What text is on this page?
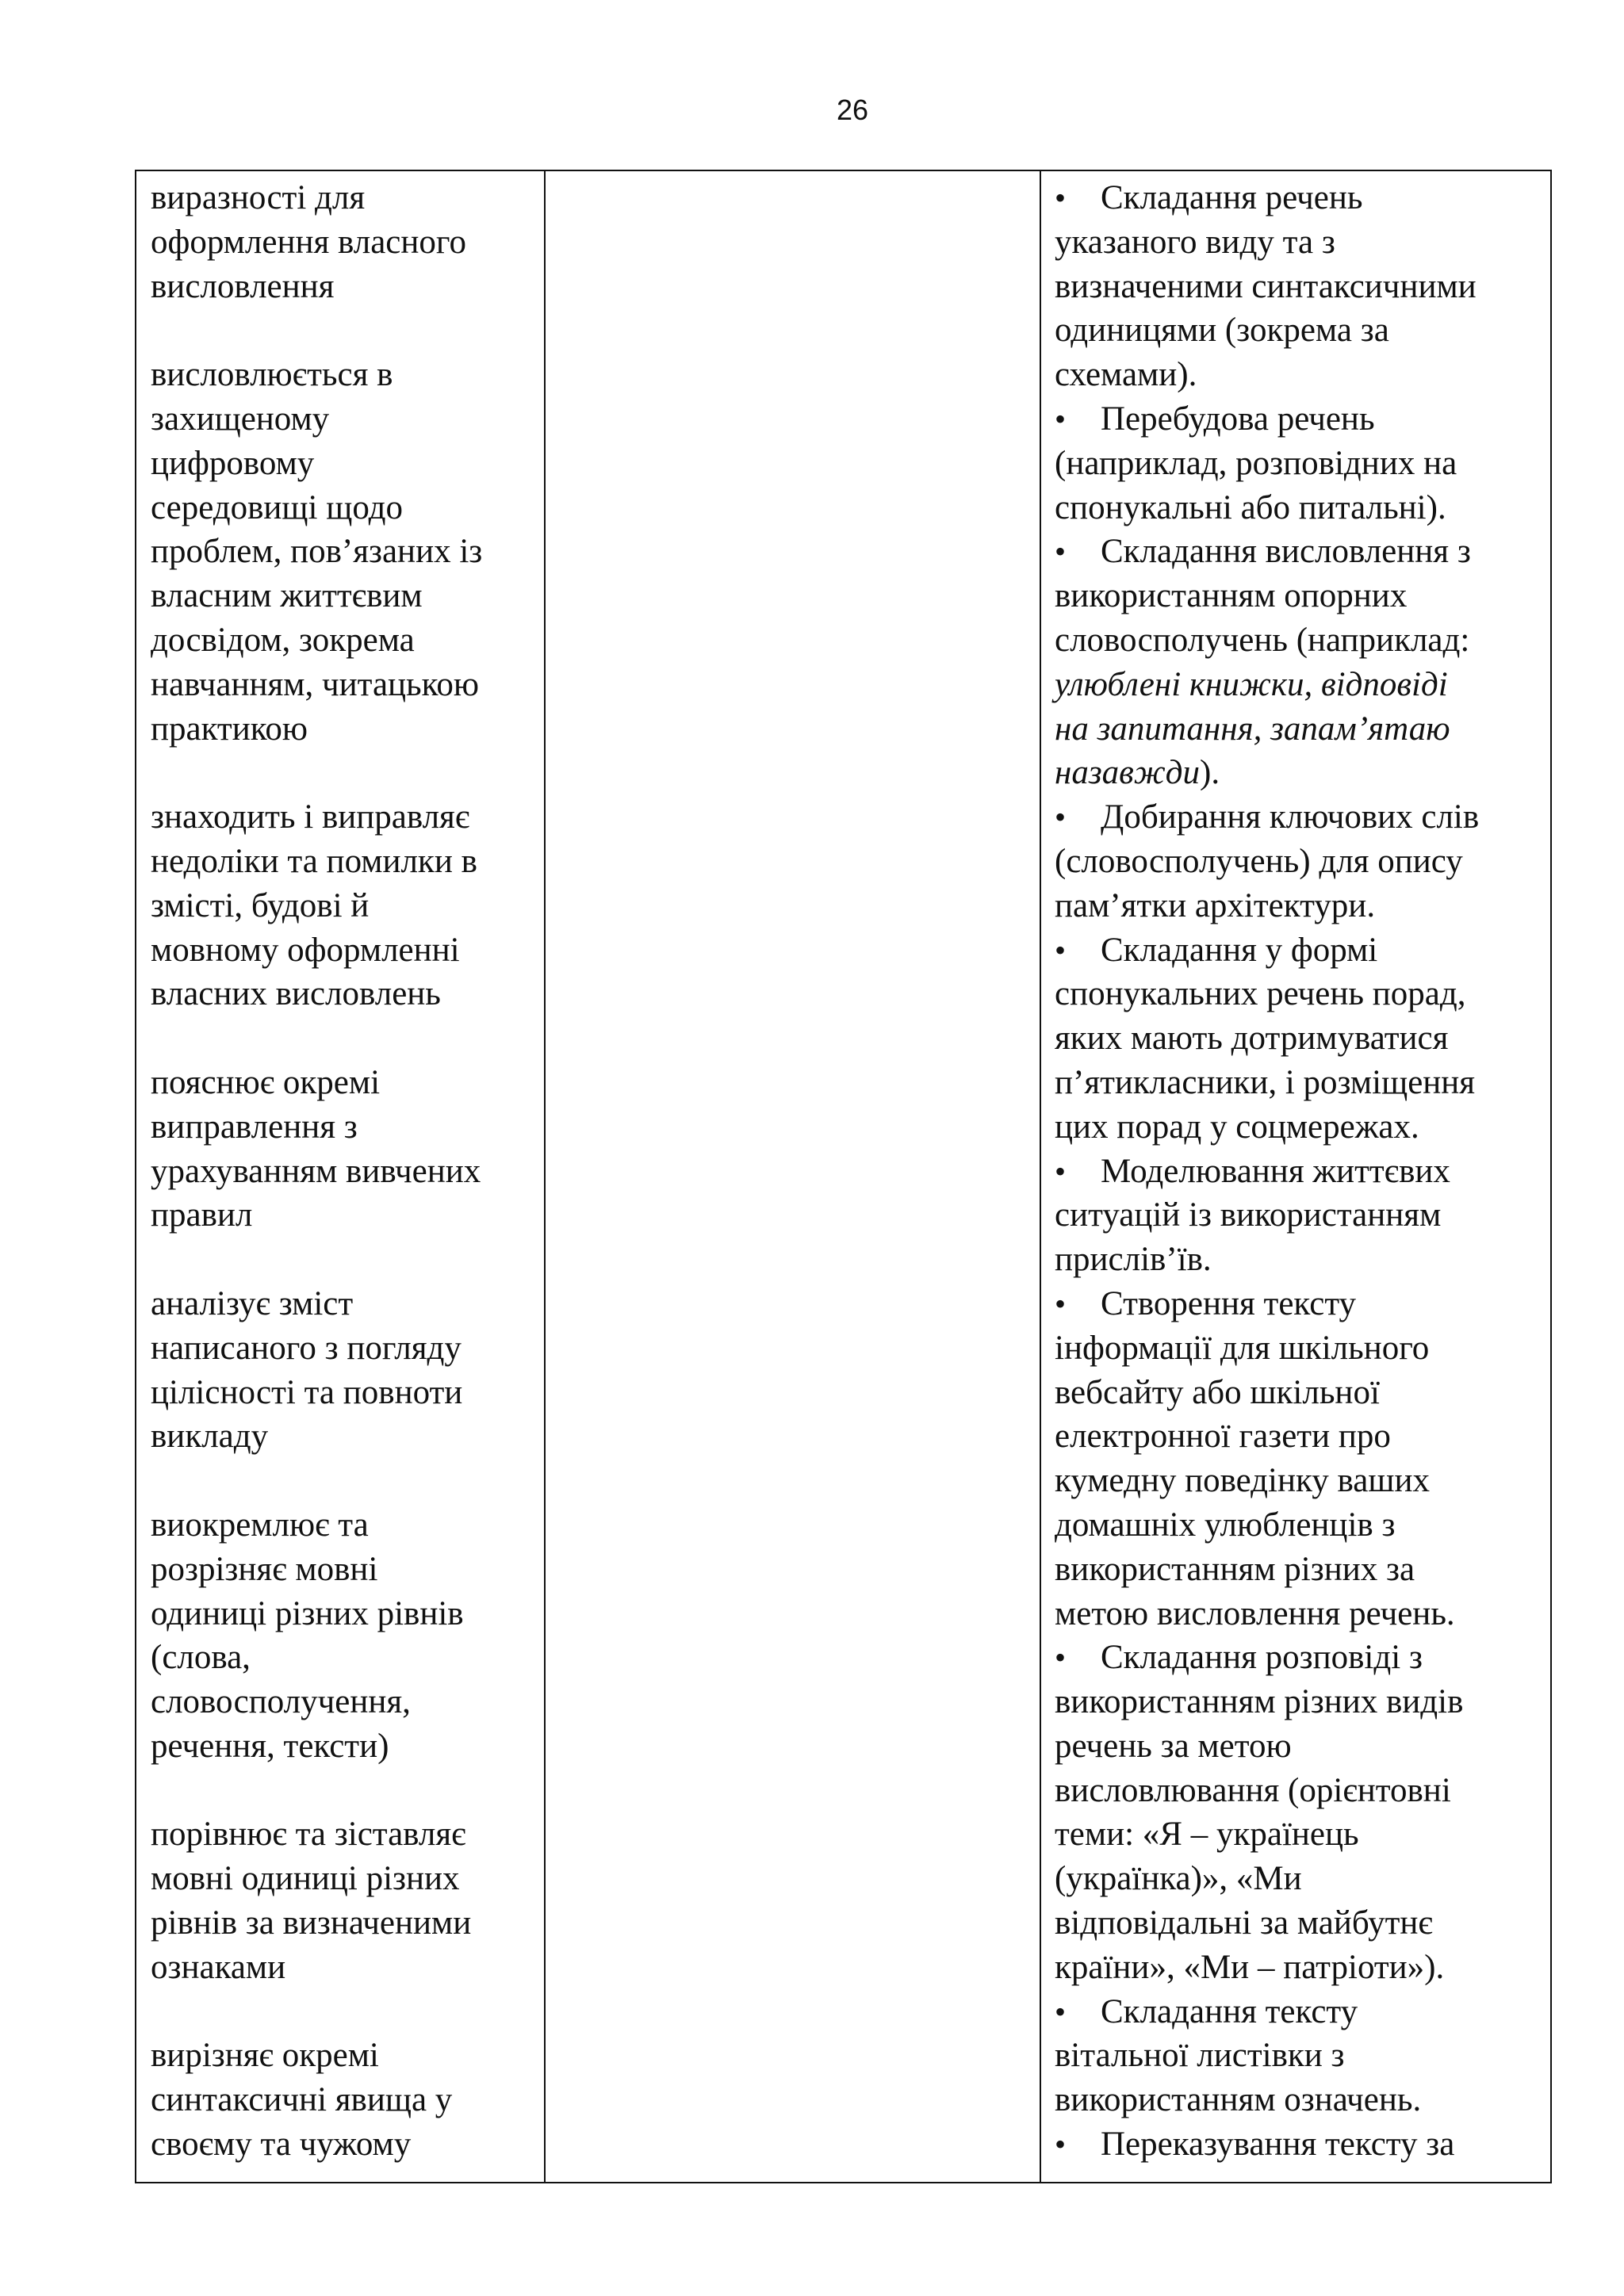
26
виразності для
оформлення власного
висловлення
висловлюється в
захищеному
цифровому
середовищі щодо
проблем, пов’язаних із
власним життєвим
досвідом, зокрема
навчанням, читацькою
практикою
знаходить і виправляє
недоліки та помилки в
змісті, будові й
мовному оформленні
власних висловлень
пояснює окремі
виправлення з
урахуванням вивчених
правил
аналізує зміст
написаного з погляду
цілісності та повноти
викладу
виокремлює та
розрізняє мовні
одиниці різних рівнів
(слова,
словосполучення,
речення, тексти)
порівнює та зіставляє
мовні одиниці різних
рівнів за визначеними
ознаками
вирізняє окремі
синтаксичні явища у
своєму та чужому
• Складання речень
указаного виду та з
визначеними синтаксичними
одиницями (зокрема за
схемами).
• Перебудова речень
(наприклад, розповідних на
спонукальні або питальні).
• Складання висловлення з
використанням опорних
словосполучень (наприклад:
улюблені книжки, відповіді
на запитання, запам’ятаю
назавжди).
• Добирання ключових слів
(словосполучень) для опису
пам’ятки архітектури.
• Складання у формі
спонукальних речень порад,
яких мають дотримуватися
п’ятикласники, і розміщення
цих порад у соцмережах.
• Моделювання життєвих
ситуацій із використанням
прислів’їв.
• Створення тексту
інформації для шкільного
вебсайту або шкільної
електронної газети про
кумедну поведінку ваших
домашніх улюбленців з
використанням різних за
метою висловлення речень.
• Складання розповіді з
використанням різних видів
речень за метою
висловлювання (орієнтовні
теми: «Я – українець
(українка)», «Ми
відповідальні за майбутнє
країни», «Ми – патріоти»).
• Складання тексту
вітальної листівки з
використанням означень.
• Переказування тексту за
